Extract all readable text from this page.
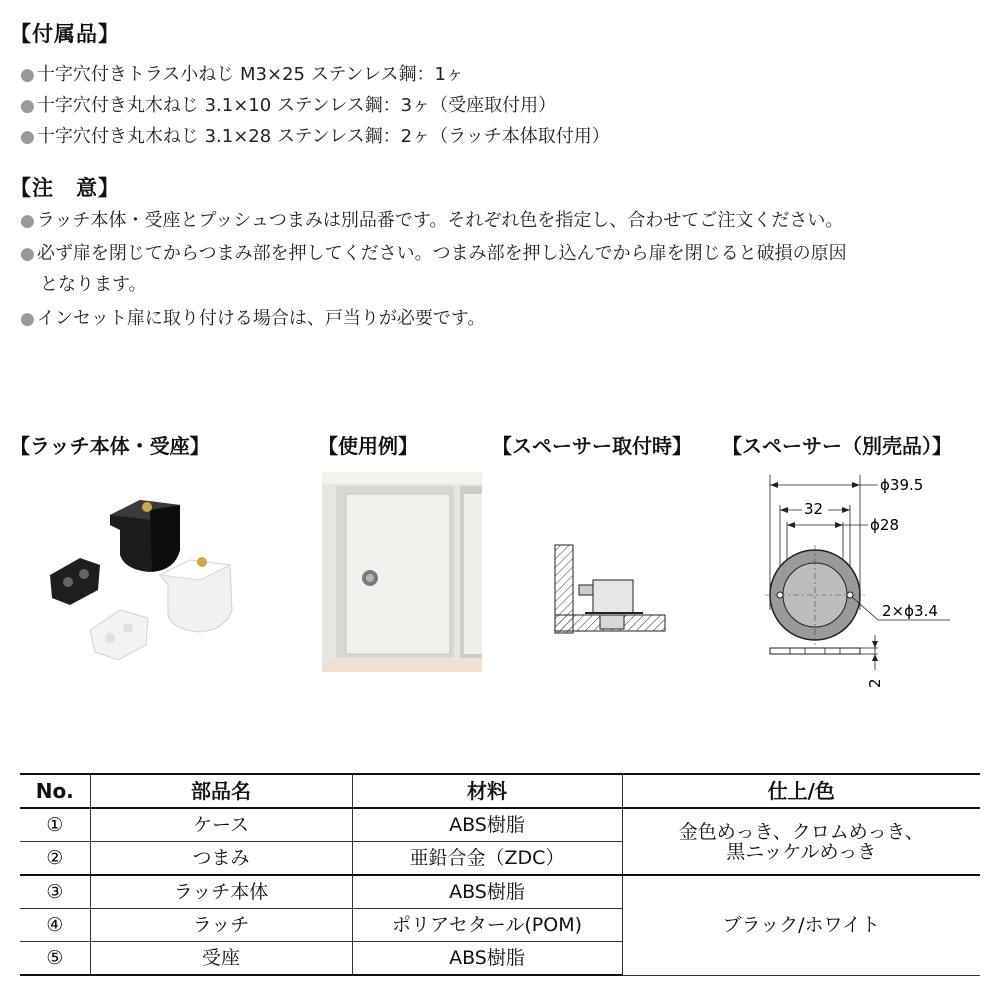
【付属品】
● 十字穴付きトラス小ねじ M3×25 ステンレス鋼：1ヶ
● 十字穴付き丸木ねじ 3.1×10 ステンレス鋼：3ヶ（受座取付用）
● 十字穴付き丸木ねじ 3.1×28 ステンレス鋼：2ヶ（ラッチ本体取付用）
【注　意】
● ラッチ本体・受座とプッシュつまみは別品番です。それぞれ色を指定し、合わせてご注文ください。
● 必ず扉を閉じてからつまみ部を押してください。つまみ部を押し込んでから扉を閉じると破損の原因
となります。
● インセット扉に取り付ける場合は、戸当りが必要です。
【ラッチ本体・受座】	【使用例】	【スペーサー取付時】 【スペーサー（別売品）】
ϕ39.5
32
ϕ28
2×ϕ3.4
2
No.	部品名	材料	仕上/色
①	ケース	ABS樹脂	金色めっき、クロムめっき、
黒ニッケルめっき

②	つまみ	亜鉛合金（ZDC）	
③	ラッチ本体	ABS樹脂	ブラック/ホワイト
④	ラッチ	ポリアセタール(POM)	
⑤	受座	ABS樹脂	
